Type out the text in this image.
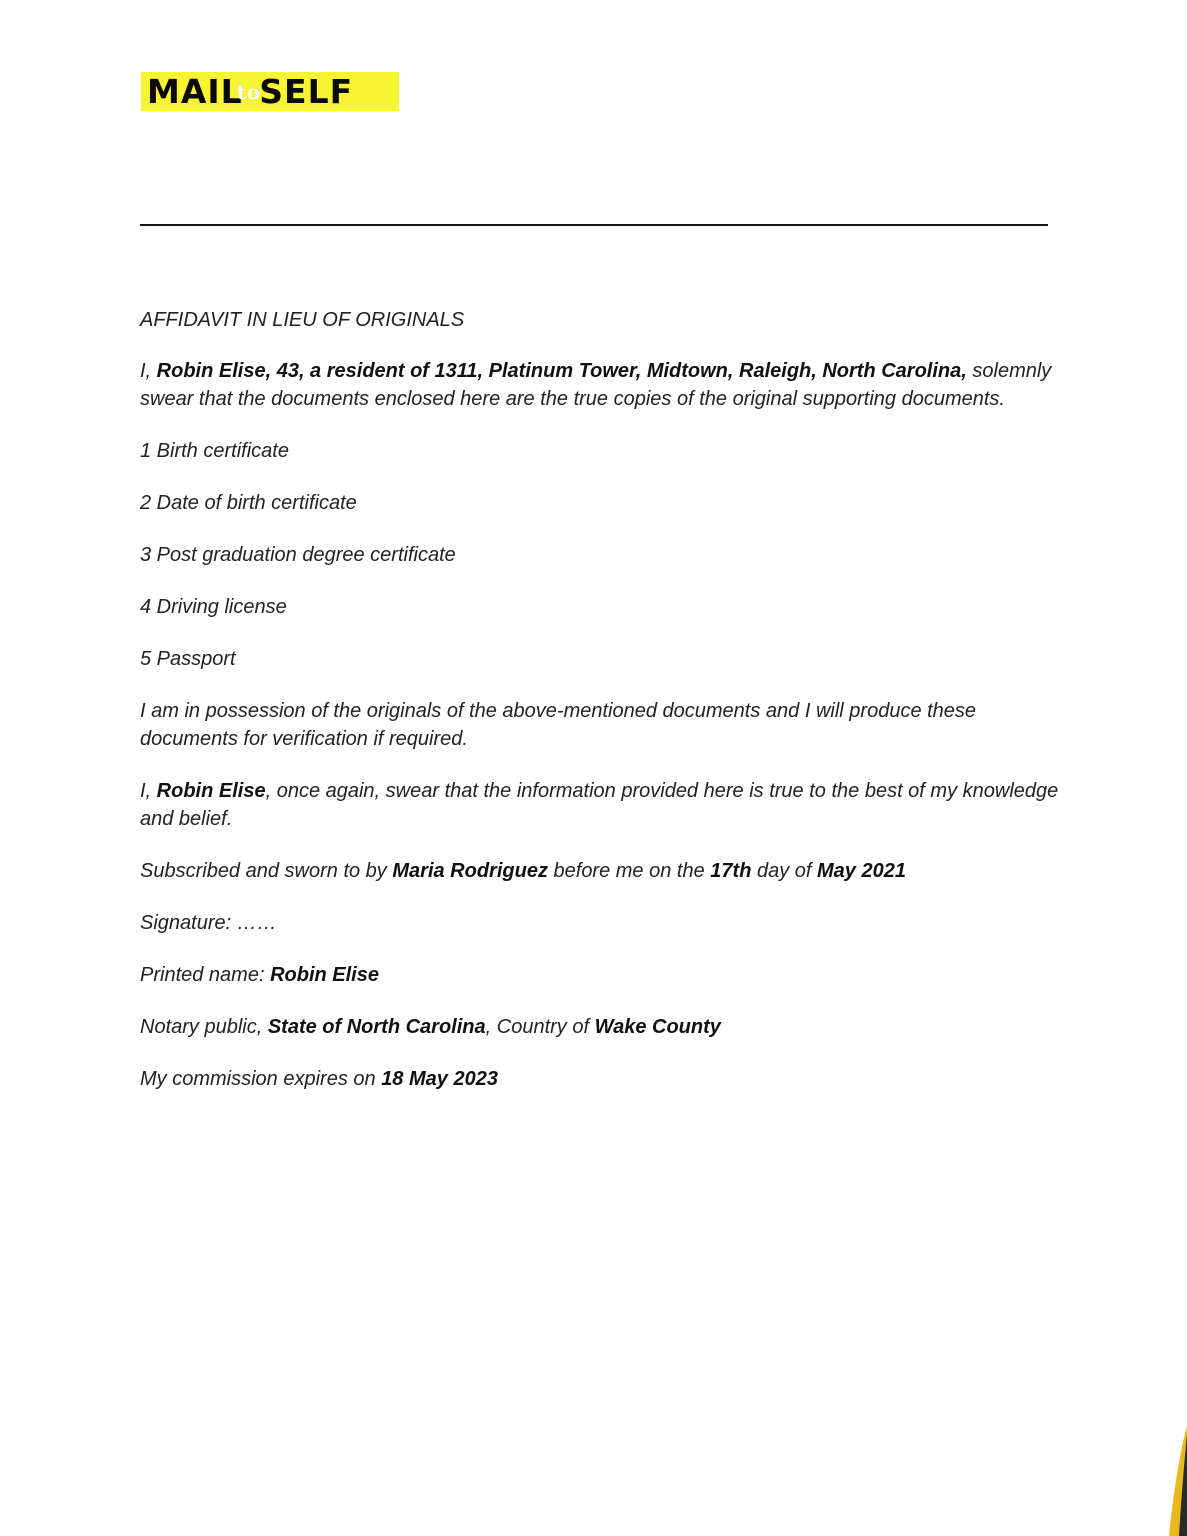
MAIL
to
SELF

AFFIDAVIT IN LIEU OF ORIGINALS

I, Robin Elise, 43, a resident of 1311, Platinum Tower, Midtown, Raleigh, North Carolina, solemnly swear that the documents enclosed here are the true copies of the original supporting documents.

1 Birth certificate

2 Date of birth certificate

3 Post graduation degree certificate

4 Driving license

5 Passport

I am in possession of the originals of the above-mentioned documents and I will produce these documents for verification if required.

I, Robin Elise, once again, swear that the information provided here is true to the best of my knowledge and belief.

Subscribed and sworn to by Maria Rodriguez before me on the 17th day of May 2021

Signature: ……

Printed name: Robin Elise

Notary public, State of North Carolina, Country of Wake County

My commission expires on 18 May 2023
